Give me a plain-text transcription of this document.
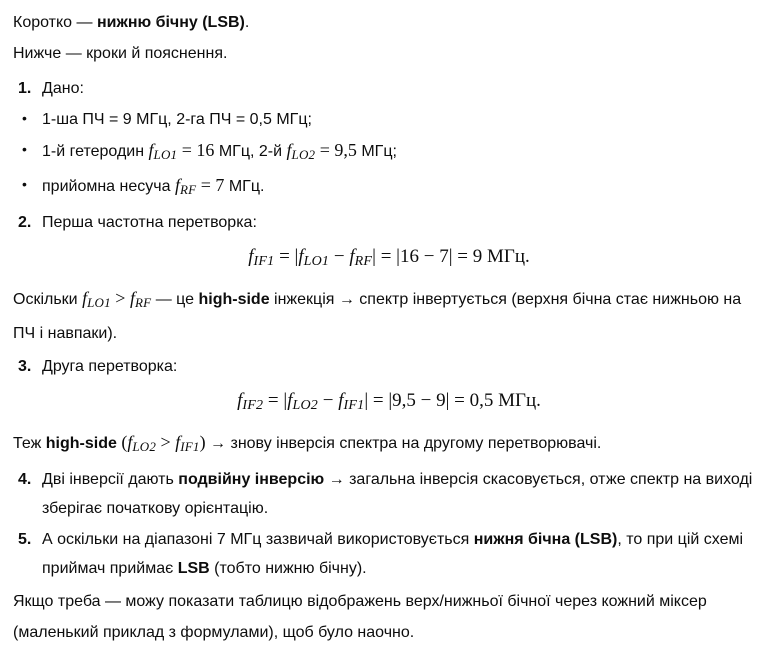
Коротко — нижню бічну (LSB).
Нижче — кроки й пояснення.
1. Дано:
• 1-ша ПЧ = 9 МГц, 2-га ПЧ = 0,5 МГц;
• 1-й гетеродин fLO1 = 16 МГц, 2-й fLO2 = 9,5 МГц;
• прийомна несуча fRF = 7 МГц.
2. Перша частотна перетворка:
fIF1 = |fLO1 − fRF| = |16 − 7| = 9 МГц.
Оскільки fLO1 > fRF — це high-side інжекція → спектр інвертується (верхня бічна стає нижньою на
ПЧ і навпаки).
3. Друга перетворка:
fIF2 = |fLO2 − fIF1| = |9,5 − 9| = 0,5 МГц.
Теж high-side (fLO2 > fIF1) → знову інверсія спектра на другому перетворювачі.
4. Дві інверсії дають подвійну інверсію → загальна інверсія скасовується, отже спектр на виході
зберігає початкову орієнтацію.
5. А оскільки на діапазоні 7 МГц зазвичай використовується нижня бічна (LSB), то при цій схемі
приймач приймає LSB (тобто нижню бічну).
Якщо треба — можу показати таблицю відображень верх/нижньої бічної через кожний міксер
(маленький приклад з формулами), щоб було наочно.
